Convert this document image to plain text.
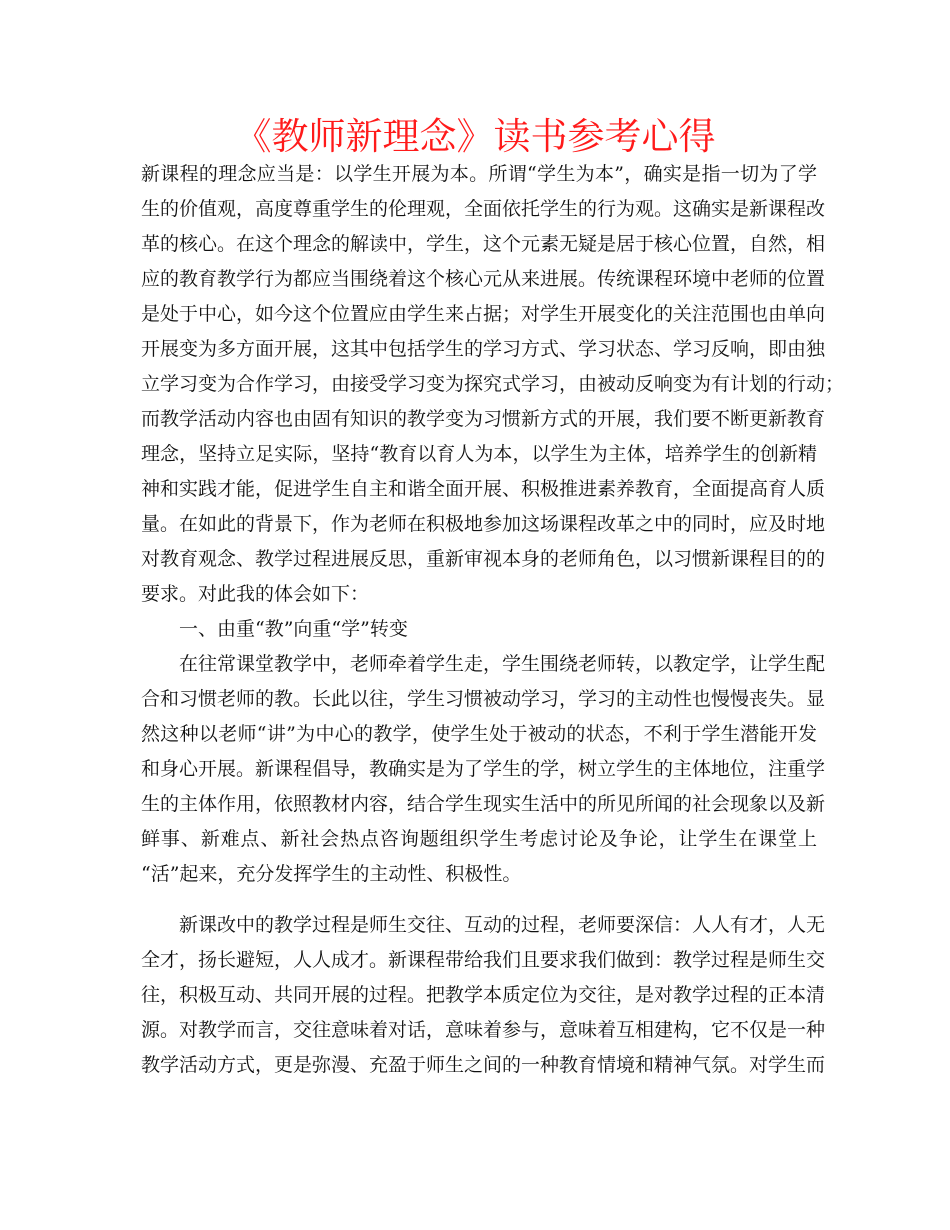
《教师新理念》读书参考心得
新课程的理念应当是：以学生开展为本。所谓“学生为本”，确实是指一切为了学
生的价值观，高度尊重学生的伦理观，全面依托学生的行为观。这确实是新课程改
革的核心。在这个理念的解读中，学生，这个元素无疑是居于核心位置，自然，相
应的教育教学行为都应当围绕着这个核心元从来进展。传统课程环境中老师的位置
是处于中心，如今这个位置应由学生来占据；对学生开展变化的关注范围也由单向
开展变为多方面开展，这其中包括学生的学习方式、学习状态、学习反响，即由独
立学习变为合作学习，由接受学习变为探究式学习，由被动反响变为有计划的行动；
而教学活动内容也由固有知识的教学变为习惯新方式的开展，我们要不断更新教育
理念，坚持立足实际，坚持“教育以育人为本，以学生为主体，培养学生的创新精
神和实践才能，促进学生自主和谐全面开展、积极推进素养教育，全面提高育人质
量。在如此的背景下，作为老师在积极地参加这场课程改革之中的同时，应及时地
对教育观念、教学过程进展反思，重新审视本身的老师角色，以习惯新课程目的的
要求。对此我的体会如下：
一、由重“教”向重“学”转变
在往常课堂教学中，老师牵着学生走，学生围绕老师转，以教定学，让学生配
合和习惯老师的教。长此以往，学生习惯被动学习，学习的主动性也慢慢丧失。显
然这种以老师“讲”为中心的教学，使学生处于被动的状态，不利于学生潜能开发
和身心开展。新课程倡导，教确实是为了学生的学，树立学生的主体地位，注重学
生的主体作用，依照教材内容，结合学生现实生活中的所见所闻的社会现象以及新
鲜事、新难点、新社会热点咨询题组织学生考虑讨论及争论，让学生在课堂上
“活”起来，充分发挥学生的主动性、积极性。
新课改中的教学过程是师生交往、互动的过程，老师要深信：人人有才，人无
全才，扬长避短，人人成才。新课程带给我们且要求我们做到：教学过程是师生交
往，积极互动、共同开展的过程。把教学本质定位为交往，是对教学过程的正本清
源。对教学而言，交往意味着对话，意味着参与，意味着互相建构，它不仅是一种
教学活动方式，更是弥漫、充盈于师生之间的一种教育情境和精神气氛。对学生而
